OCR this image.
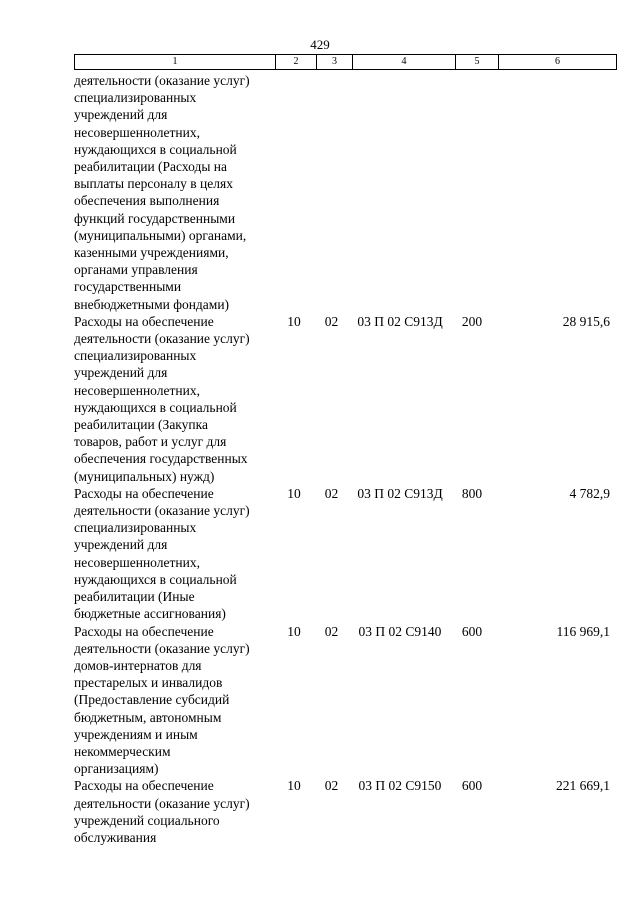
429
1	2	3	4	5	6
деятельности (оказание услуг)
специализированных
учреждений для
несовершеннолетних,
нуждающихся в социальной
реабилитации (Расходы на
выплаты персоналу в целях
обеспечения выполнения
функций государственными
(муниципальными) органами,
казенными учреждениями,
органами управления
государственными
внебюджетными фондами)
Расходы на обеспечение
деятельности (оказание услуг)
специализированных
учреждений для
несовершеннолетних,
нуждающихся в социальной
реабилитации (Закупка
товаров, работ и услуг для
обеспечения государственных
(муниципальных) нужд)
10	02	03 П 02 С913Д	200	28 915,6
Расходы на обеспечение
деятельности (оказание услуг)
специализированных
учреждений для
несовершеннолетних,
нуждающихся в социальной
реабилитации (Иные
бюджетные ассигнования)
10	02	03 П 02 С913Д	800	4 782,9
Расходы на обеспечение
деятельности (оказание услуг)
домов-интернатов для
престарелых и инвалидов
(Предоставление субсидий
бюджетным, автономным
учреждениям и иным
некоммерческим
организациям)
10	02	03 П 02 С9140	600	116 969,1
Расходы на обеспечение
деятельности (оказание услуг)
учреждений социального
обслуживания
10	02	03 П 02 С9150	600	221 669,1
